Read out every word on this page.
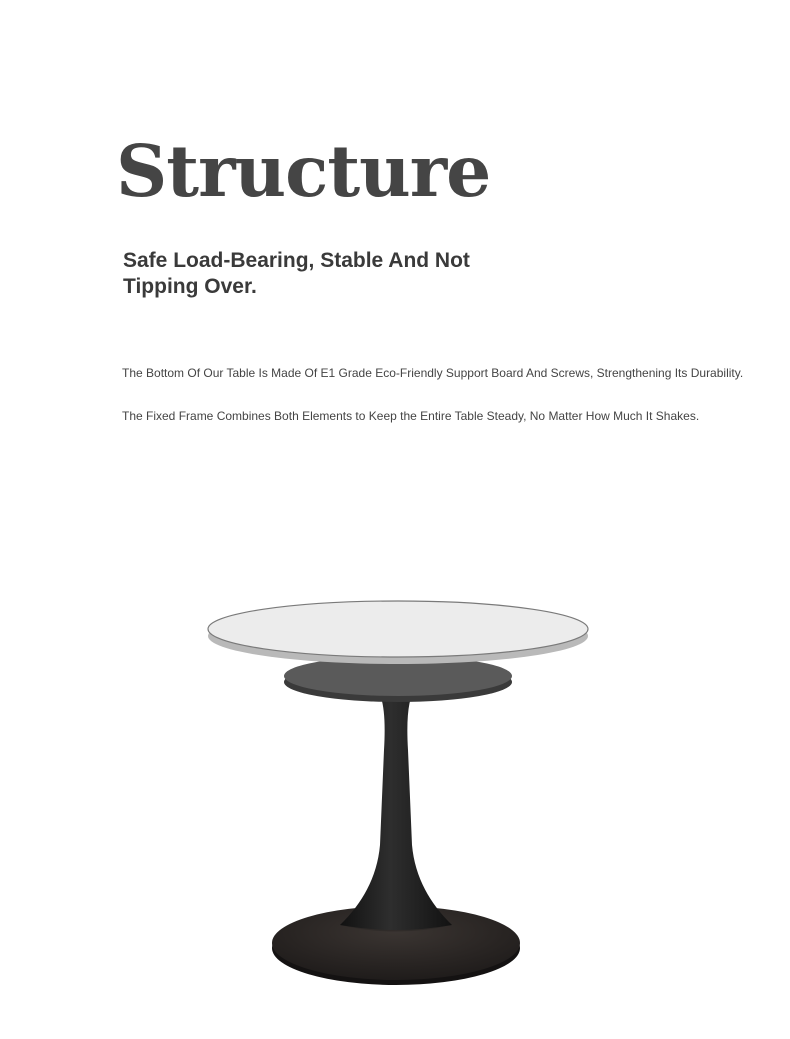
Structure
Safe Load-Bearing, Stable And Not Tipping Over.

The Bottom Of Our Table Is Made Of E1 Grade Eco-Friendly Support Board And Screws, Strengthening Its Durability.

The Fixed Frame Combines Both Elements to Keep the Entire Table Steady, No Matter How Much It Shakes.
